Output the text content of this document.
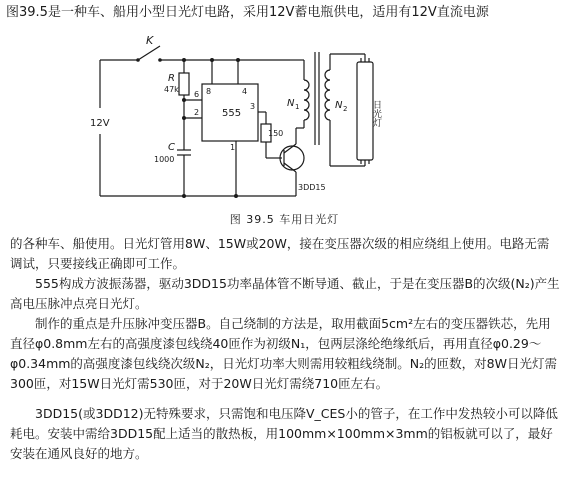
图39.5是一种车、船用小型日光灯电路，采用12V蓄电瓶供电，适用有12V直流电源
K
12V
R
47k
C
1000
555
8	4
6
2
3
1
150
N 1	N 2	日光灯
3DD15
图 39.5 车用日光灯

的各种车、船使用。日光灯管用8W、15W或20W，接在变压器次级的相应绕组上使用。电路无需调试，只要接线正确即可工作。

555构成方波振荡器，驱动3DD15功率晶体管不断导通、截止，于是在变压器B的次级(N₂)产生高电压脉冲点亮日光灯。

制作的重点是升压脉冲变压器B。自己绕制的方法是，取用截面5cm²左右的变压器铁芯，先用直径φ0.8mm左右的高强度漆包线绕40匝作为初级N₁，包两层涤纶绝缘纸后，再用直径φ0.29～φ0.34mm的高强度漆包线绕次级N₂，日光灯功率大则需用较粗线绕制。N₂的匝数，对8W日光灯需300匝，对15W日光灯需530匝，对于20W日光灯需绕710匝左右。

3DD15(或3DD12)无特殊要求，只需饱和电压降V_CES小的管子，在工作中发热较小可以降低耗电。安装中需给3DD15配上适当的散热板，用100mm×100mm×3mm的铝板就可以了，最好安装在通风良好的地方。
